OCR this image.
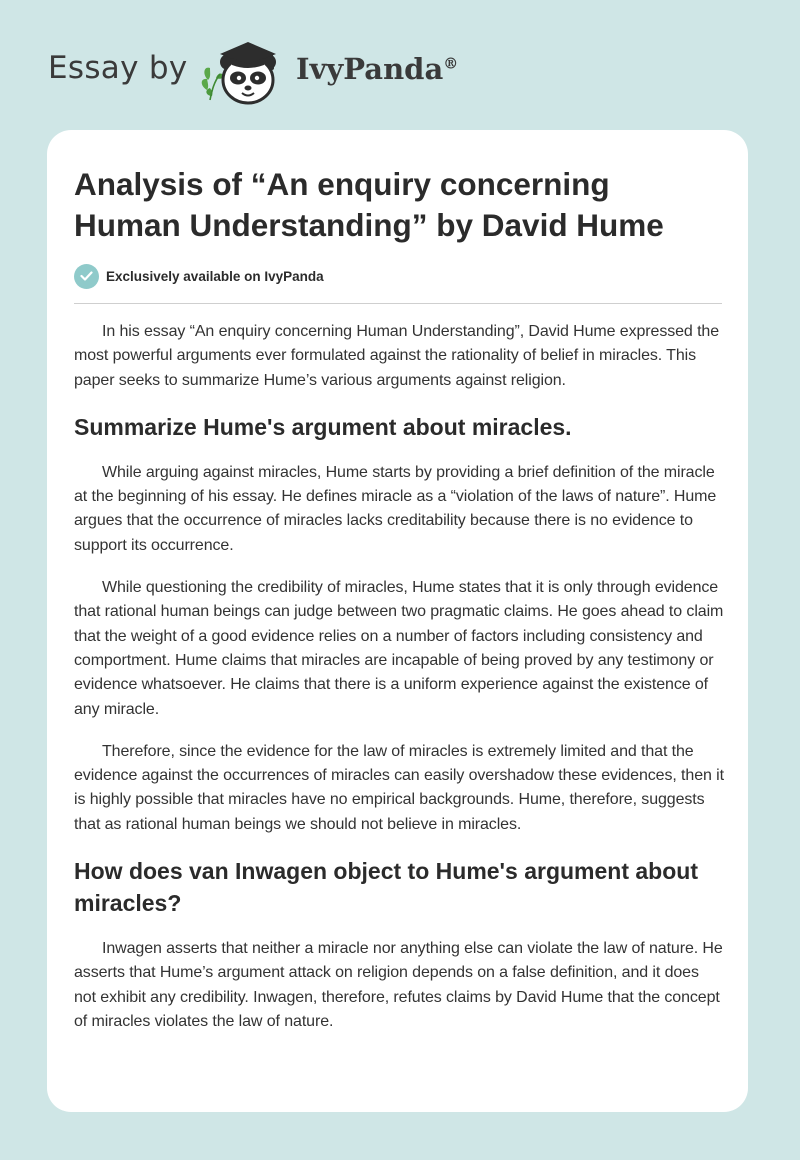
Essay by	IvyPanda®
Analysis of “An enquiry concerning Human Understanding” by David Hume
Exclusively available on IvyPanda

In his essay “An enquiry concerning Human Understanding”, David Hume expressed the most powerful arguments ever formulated against the rationality of belief in miracles. This paper seeks to summarize Hume’s various arguments against religion.

Summarize Hume's argument about miracles.

While arguing against miracles, Hume starts by providing a brief definition of the miracle at the beginning of his essay. He defines miracle as a “violation of the laws of nature”. Hume argues that the occurrence of miracles lacks creditability because there is no evidence to support its occurrence.

While questioning the credibility of miracles, Hume states that it is only through evidence that rational human beings can judge between two pragmatic claims. He goes ahead to claim that the weight of a good evidence relies on a number of factors including consistency and comportment. Hume claims that miracles are incapable of being proved by any testimony or evidence whatsoever. He claims that there is a uniform experience against the existence of any miracle.

Therefore, since the evidence for the law of miracles is extremely limited and that the evidence against the occurrences of miracles can easily overshadow these evidences, then it is highly possible that miracles have no empirical backgrounds. Hume, therefore, suggests that as rational human beings we should not believe in miracles.

How does van Inwagen object to Hume's argument about miracles?

Inwagen asserts that neither a miracle nor anything else can violate the law of nature. He asserts that Hume’s argument attack on religion depends on a false definition, and it does not exhibit any credibility. Inwagen, therefore, refutes claims by David Hume that the concept of miracles violates the law of nature.
